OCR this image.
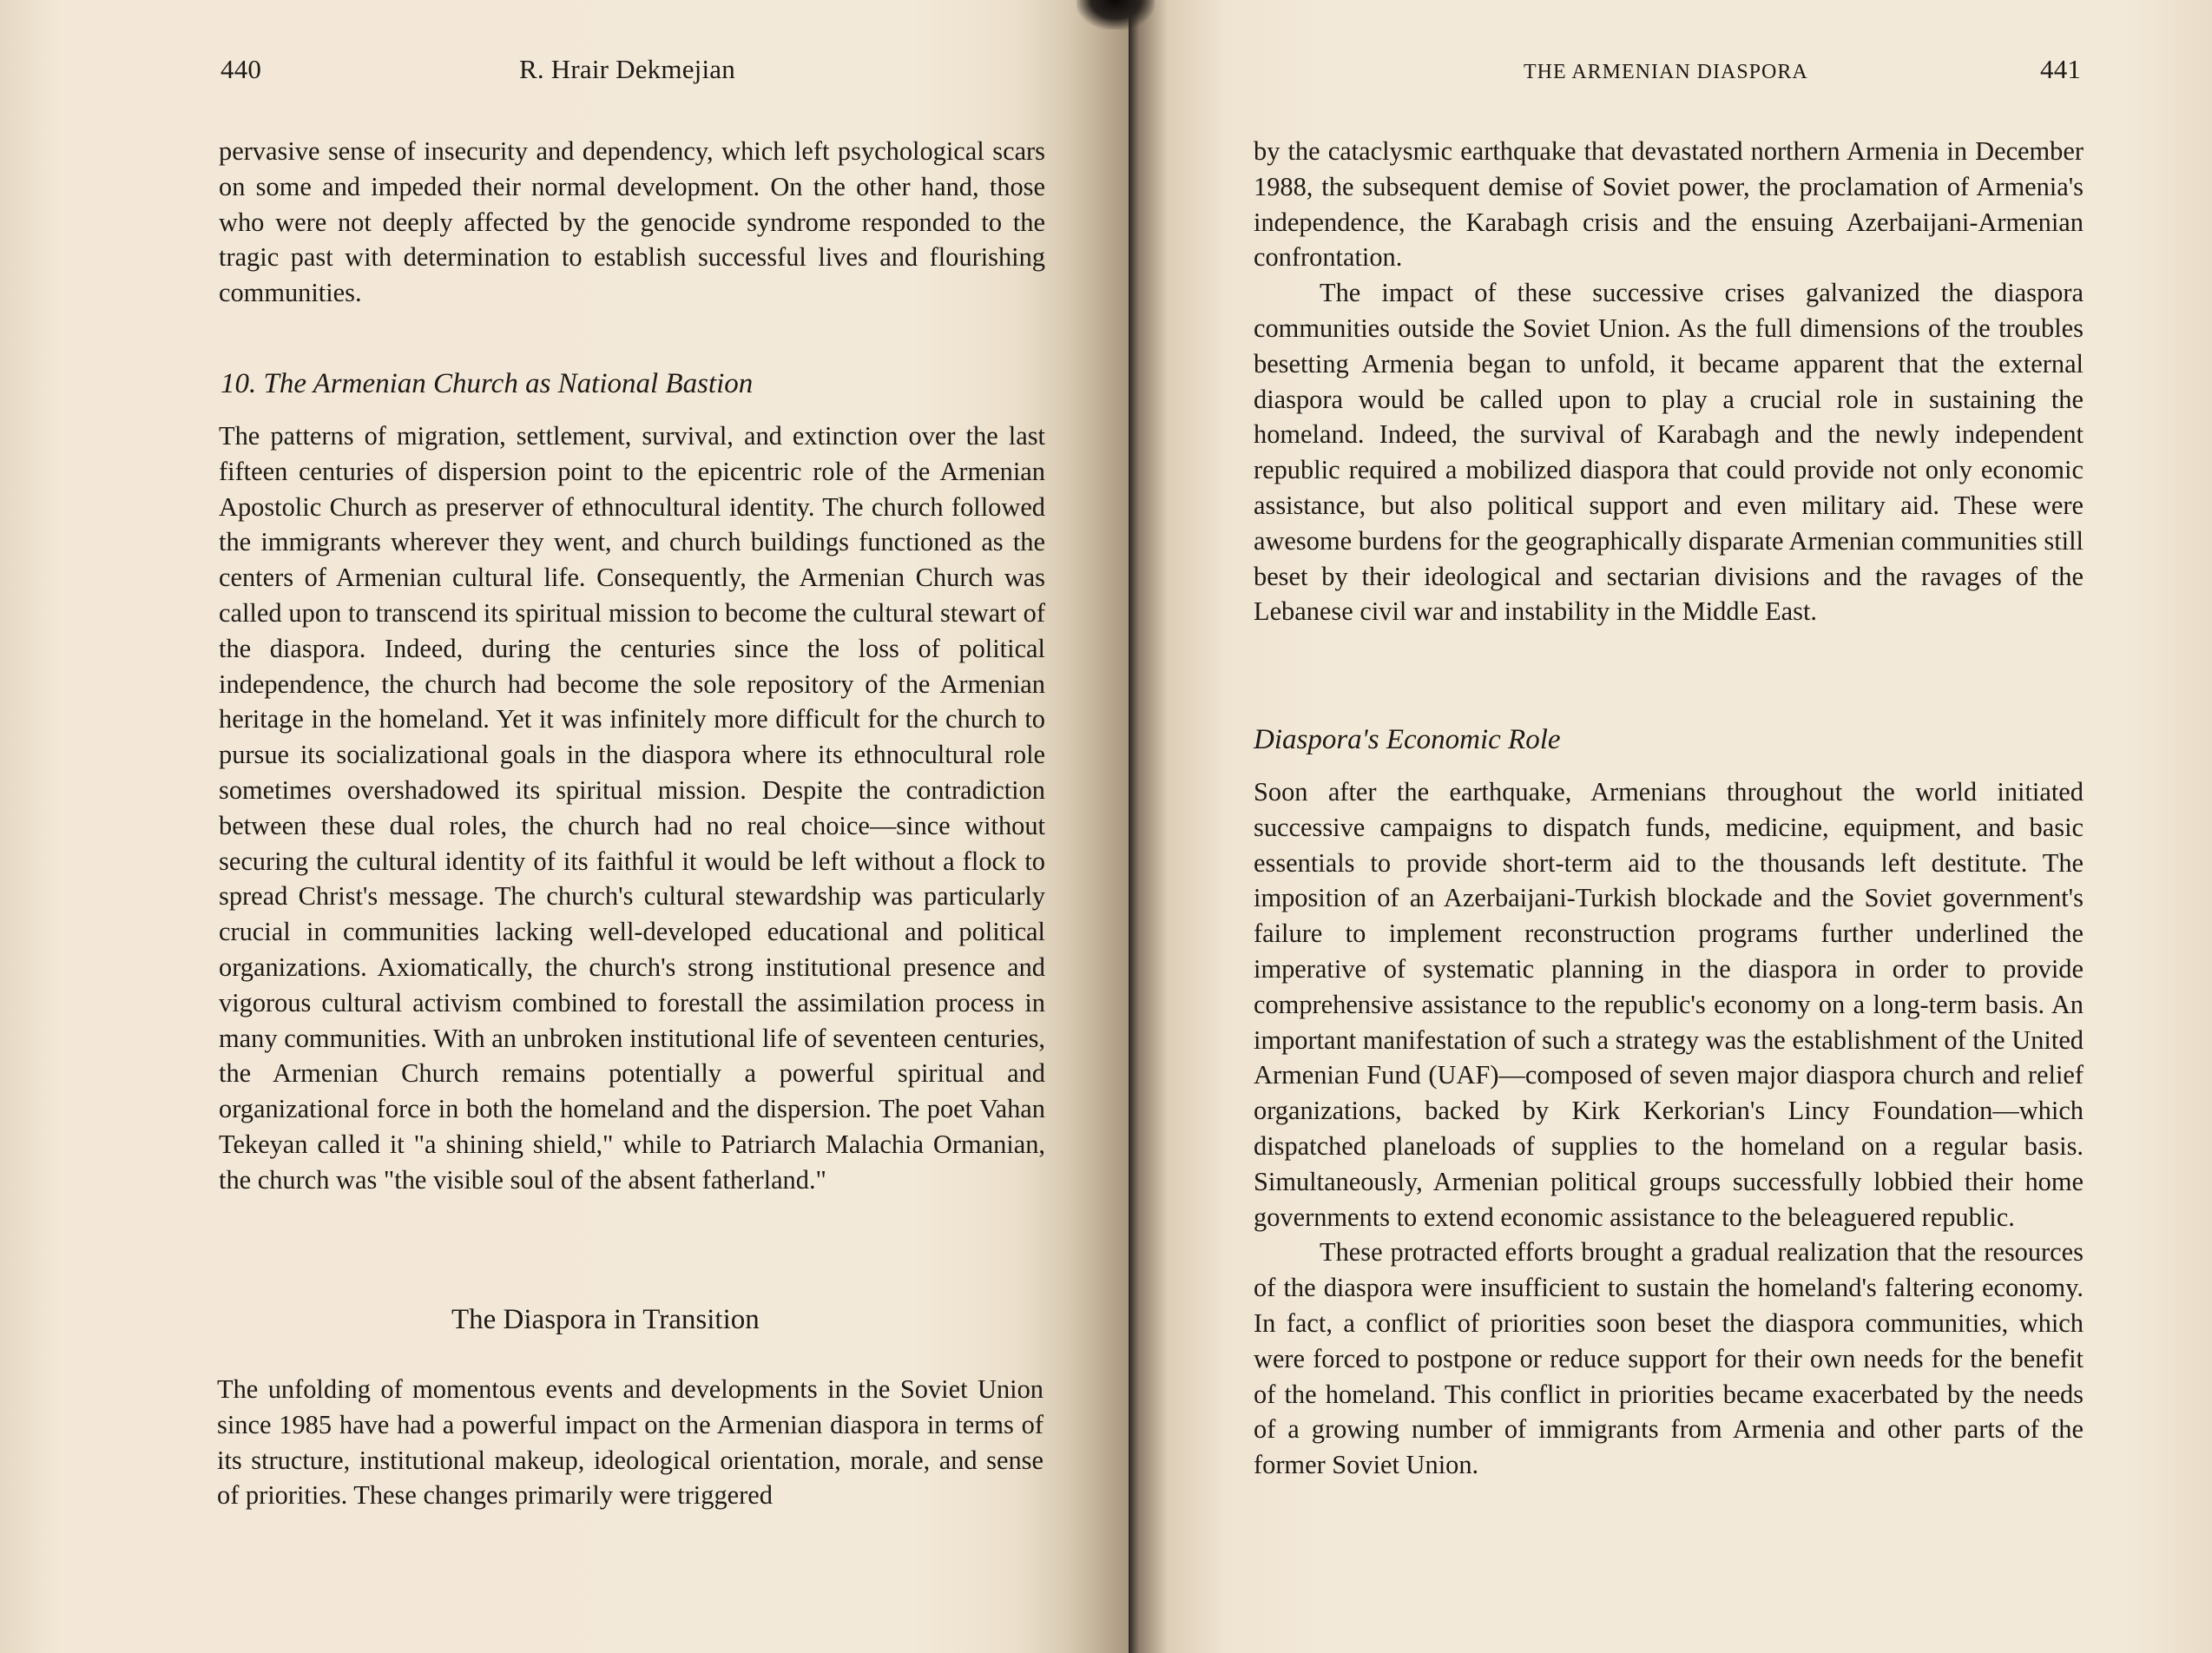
440	R. Hrair Dekmejian

pervasive sense of insecurity and dependency, which left psychological scars on some and impeded their normal development. On the other hand, those who were not deeply affected by the genocide syndrome responded to the tragic past with determination to establish successful lives and flourishing communities.

10. The Armenian Church as National Bastion

The patterns of migration, settlement, survival, and extinction over the last fifteen centuries of dispersion point to the epicentric role of the Armenian Apostolic Church as preserver of ethnocultural identity. The church followed the immigrants wherever they went, and church buildings functioned as the centers of Armenian cultural life. Consequently, the Armenian Church was called upon to transcend its spiritual mission to become the cultural stewart of the diaspora. Indeed, during the centuries since the loss of political independence, the church had become the sole repository of the Armenian heritage in the homeland. Yet it was infinitely more difficult for the church to pursue its socializational goals in the diaspora where its ethnocultural role sometimes overshadowed its spiritual mission. Despite the contradiction between these dual roles, the church had no real choice—since without securing the cultural identity of its faithful it would be left without a flock to spread Christ's message. The church's cultural stewardship was particularly crucial in communities lacking well-developed educational and political organizations. Axiomatically, the church's strong institutional presence and vigorous cultural activism combined to forestall the assimilation process in many communities. With an unbroken institutional life of seventeen centuries, the Armenian Church remains potentially a powerful spiritual and organizational force in both the homeland and the dispersion. The poet Vahan Tekeyan called it "a shining shield," while to Patriarch Malachia Ormanian, the church was "the visible soul of the absent fatherland."

The Diaspora in Transition

The unfolding of momentous events and developments in the Soviet Union since 1985 have had a powerful impact on the Armenian diaspora in terms of its structure, institutional makeup, ideological orientation, morale, and sense of priorities. These changes primarily were triggered

THE ARMENIAN DIASPORA	441

by the cataclysmic earthquake that devastated northern Armenia in December 1988, the subsequent demise of Soviet power, the proclamation of Armenia's independence, the Karabagh crisis and the ensuing Azerbaijani-Armenian confrontation.

The impact of these successive crises galvanized the diaspora communities outside the Soviet Union. As the full dimensions of the troubles besetting Armenia began to unfold, it became apparent that the external diaspora would be called upon to play a crucial role in sustaining the homeland. Indeed, the survival of Karabagh and the newly independent republic required a mobilized diaspora that could provide not only economic assistance, but also political support and even military aid. These were awesome burdens for the geographically disparate Armenian communities still beset by their ideological and sectarian divisions and the ravages of the Lebanese civil war and instability in the Middle East.

Diaspora's Economic Role

Soon after the earthquake, Armenians throughout the world initiated successive campaigns to dispatch funds, medicine, equipment, and basic essentials to provide short-term aid to the thousands left destitute. The imposition of an Azerbaijani-Turkish blockade and the Soviet government's failure to implement reconstruction programs further underlined the imperative of systematic planning in the diaspora in order to provide comprehensive assistance to the republic's economy on a long-term basis. An important manifestation of such a strategy was the establishment of the United Armenian Fund (UAF)—composed of seven major diaspora church and relief organizations, backed by Kirk Kerkorian's Lincy Foundation—which dispatched planeloads of supplies to the homeland on a regular basis. Simultaneously, Armenian political groups successfully lobbied their home governments to extend economic assistance to the beleaguered republic.

These protracted efforts brought a gradual realization that the resources of the diaspora were insufficient to sustain the homeland's faltering economy. In fact, a conflict of priorities soon beset the diaspora communities, which were forced to postpone or reduce support for their own needs for the benefit of the homeland. This conflict in priorities became exacerbated by the needs of a growing number of immigrants from Armenia and other parts of the former Soviet Union.
